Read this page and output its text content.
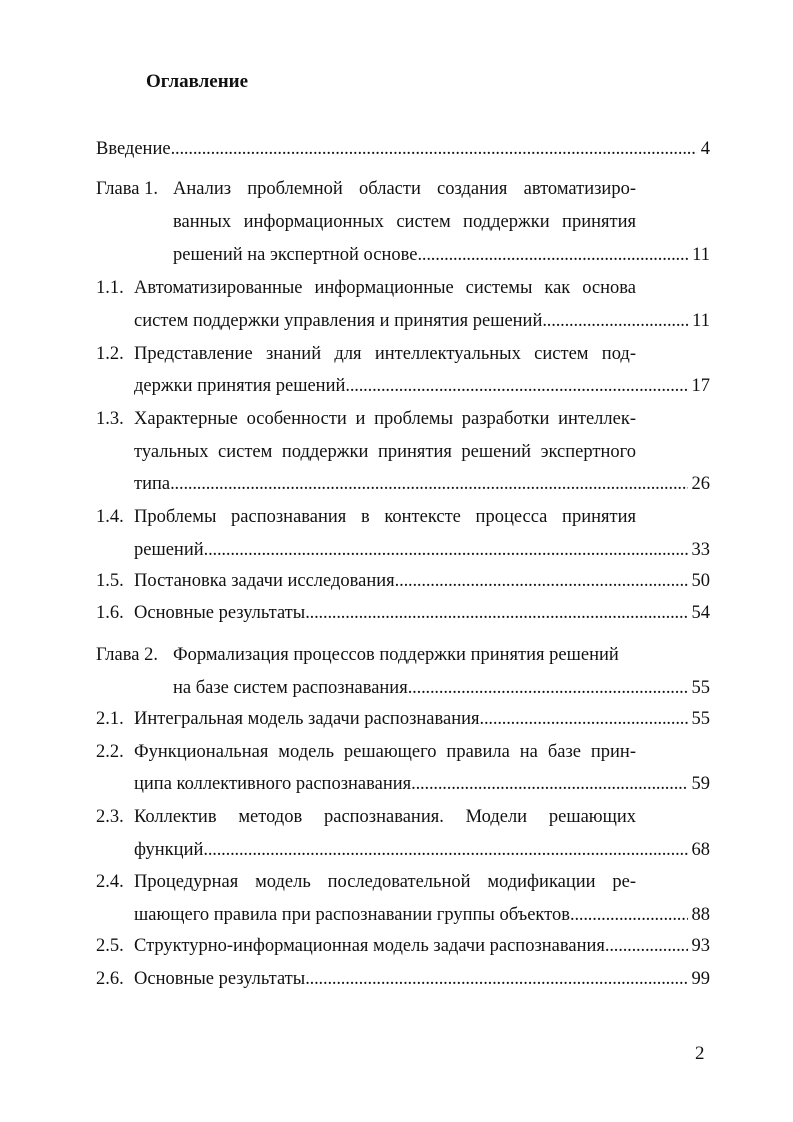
Оглавление
Введение . . .	4
Глава 1. Анализ проблемной области создания автоматизиро-
ванных информационных систем поддержки принятия
решений на экспертной основе . . .	11
1.1. Автоматизированные информационные системы как основа
систем поддержки управления и принятия решений . . .	11
1.2. Представление знаний для интеллектуальных систем под-
держки принятия решений . . .	17
1.3. Характерные особенности и проблемы разработки интеллек-
туальных систем поддержки принятия решений экспертного
типа . . .	26
1.4. Проблемы распознавания в контексте процесса принятия
решений . . .	33
1.5. Постановка задачи исследования . . .	50
1.6. Основные результаты . . .	54
Глава 2. Формализация процессов поддержки принятия решений
на базе систем распознавания . . .	55
2.1. Интегральная модель задачи распознавания . . .	55
2.2. Функциональная модель решающего правила на базе прин-
ципа коллективного распознавания . . .	59
2.3. Коллектив методов распознавания. Модели решающих
функций . . .	68
2.4. Процедурная модель последовательной модификации ре-
шающего правила при распознавании группы объектов . . .	88
2.5. Структурно-информационная модель задачи распознавания . . .	93
2.6. Основные результаты . . .	99
2
